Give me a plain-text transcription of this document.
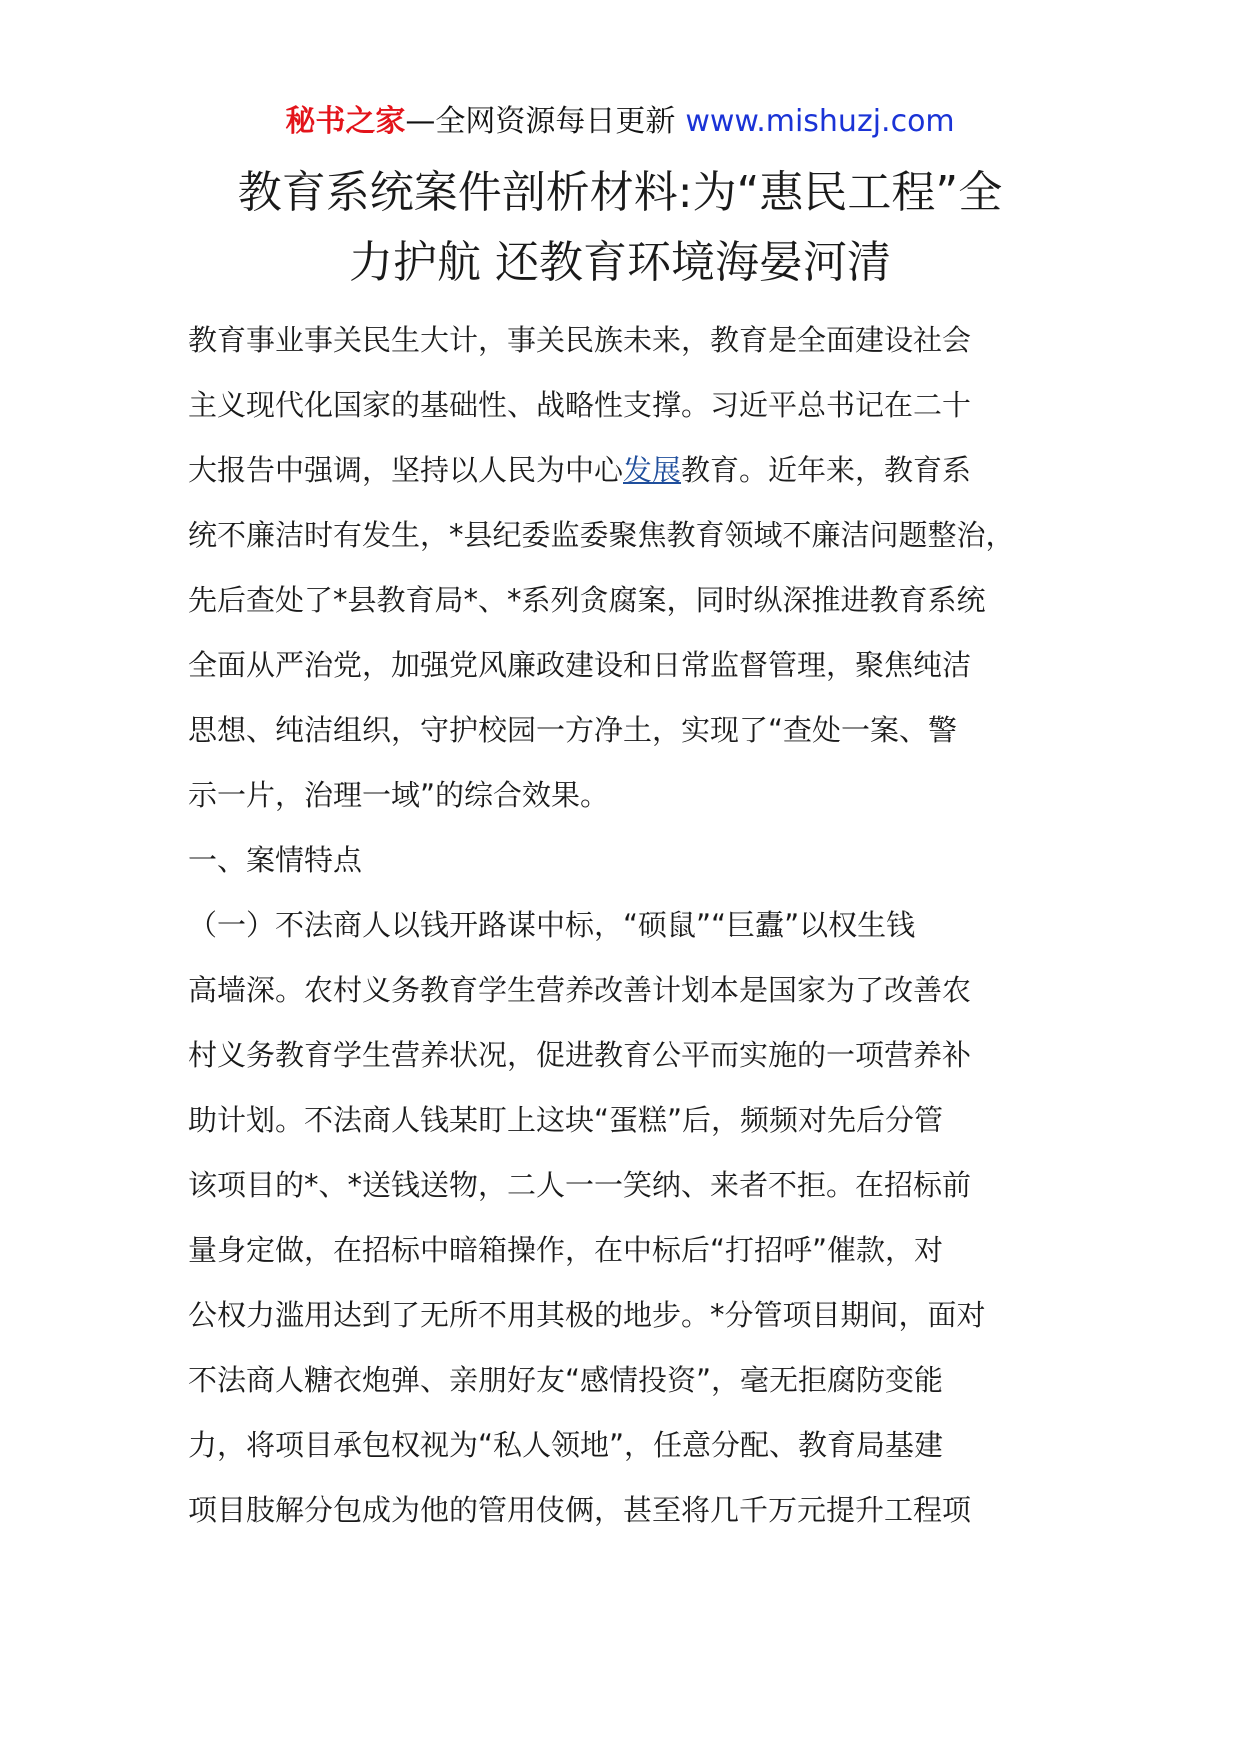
秘书之家—全网资源每日更新 www.mishuzj.com
教育系统案件剖析材料:为“惠民工程”全
力护航 还教育环境海晏河清
教育事业事关民生大计，事关民族未来，教育是全面建设社会
主义现代化国家的基础性、战略性支撑。习近平总书记在二十
大报告中强调，坚持以人民为中心发展教育。近年来，教育系
统不廉洁时有发生，*县纪委监委聚焦教育领域不廉洁问题整治，
先后查处了*县教育局*、*系列贪腐案，同时纵深推进教育系统
全面从严治党，加强党风廉政建设和日常监督管理，聚焦纯洁
思想、纯洁组织，守护校园一方净土，实现了“查处一案、警
示一片，治理一域”的综合效果。
一、案情特点
（一）不法商人以钱开路谋中标，“硕鼠”“巨蠹”以权生钱
高墙深。农村义务教育学生营养改善计划本是国家为了改善农
村义务教育学生营养状况，促进教育公平而实施的一项营养补
助计划。不法商人钱某盯上这块“蛋糕”后，频频对先后分管
该项目的*、*送钱送物，二人一一笑纳、来者不拒。在招标前
量身定做，在招标中暗箱操作，在中标后“打招呼”催款，对
公权力滥用达到了无所不用其极的地步。*分管项目期间，面对
不法商人糖衣炮弹、亲朋好友“感情投资”，毫无拒腐防变能
力，将项目承包权视为“私人领地”，任意分配、教育局基建
项目肢解分包成为他的管用伎俩，甚至将几千万元提升工程项
